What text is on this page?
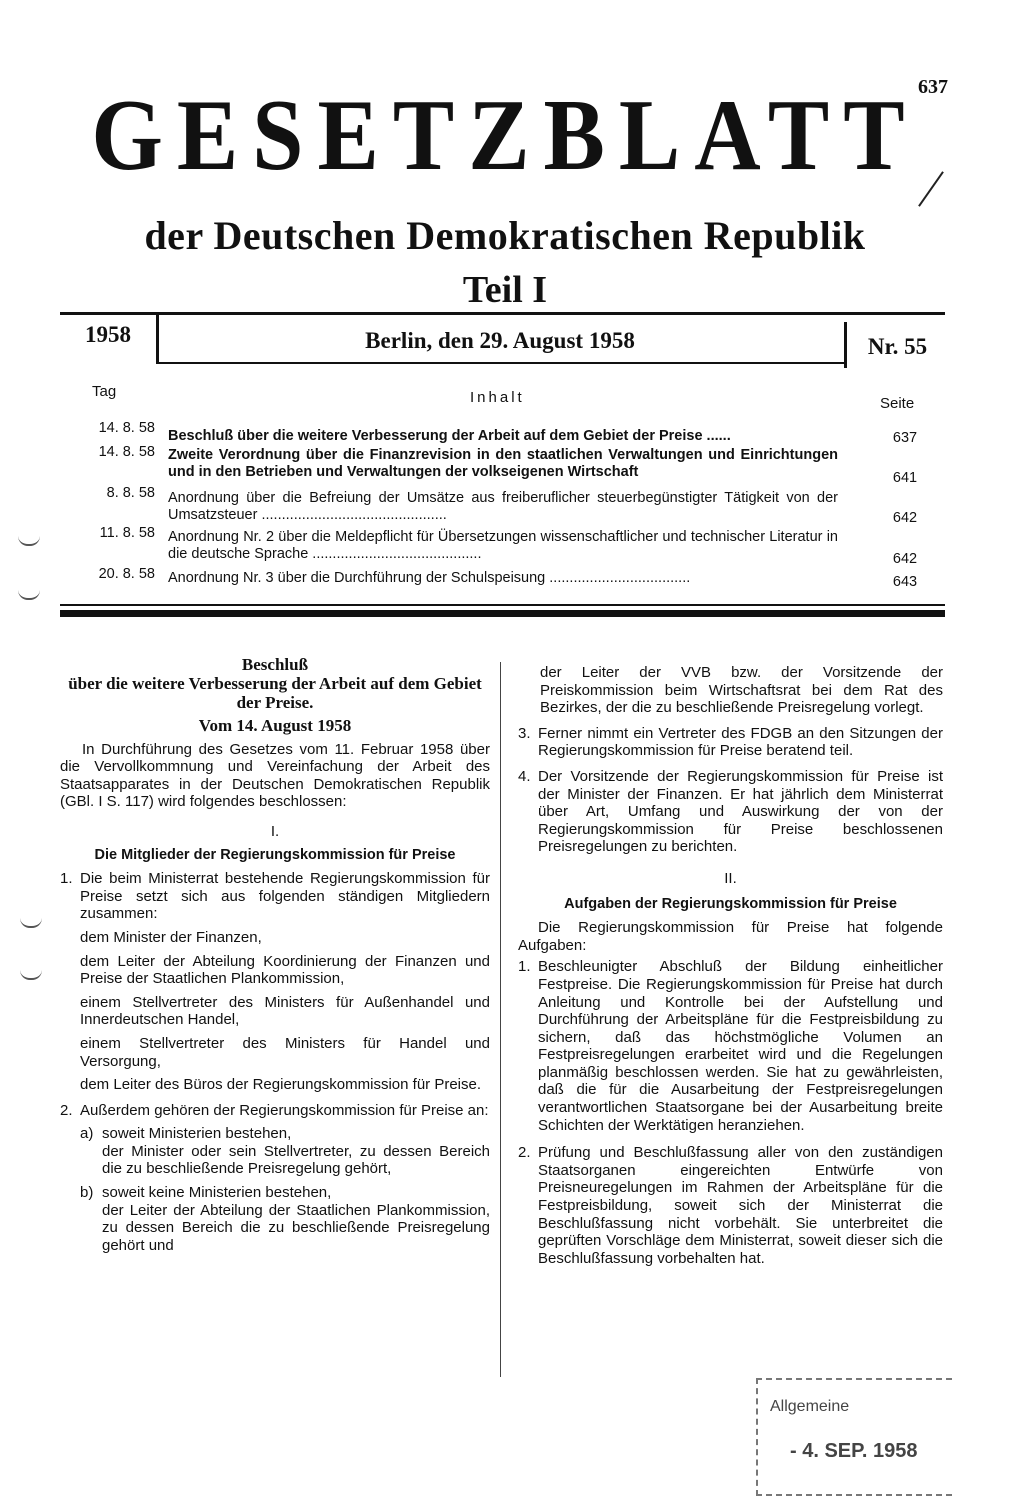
637
GESETZBLATT
der Deutschen Demokratischen Republik
Teil I
1958	Berlin, den 29. August 1958	Nr. 55
Tag	Inhalt	Seite
14. 8. 58 Beschluß über die weitere Verbesserung der Arbeit auf dem Gebiet der Preise ......	637
14. 8. 58 Zweite Verordnung über die Finanzrevision in den staatlichen Verwaltungen und Einrichtungen und in den Betrieben und Verwaltungen der volkseigenen Wirtschaft	641
8. 8. 58 Anordnung über die Befreiung der Umsätze aus freiberuflicher steuerbegünstigter Tätigkeit von der Umsatzsteuer ..............................................	642
11. 8. 58 Anordnung Nr. 2 über die Meldepflicht für Übersetzungen wissenschaftlicher und technischer Literatur in die deutsche Sprache ..........................................	642
20. 8. 58 Anordnung Nr. 3 über die Durchführung der Schulspeisung ...................................	643
Beschluß
über die weitere Verbesserung der Arbeit auf dem Gebiet der Preise.
Vom 14. August 1958
In Durchführung des Gesetzes vom 11. Februar 1958 über die Vervollkommnung und Vereinfachung der Arbeit des Staatsapparates in der Deutschen Demokratischen Republik (GBl. I S. 117) wird folgendes beschlossen:
I.
Die Mitglieder der Regierungskommission für Preise
1. Die beim Ministerrat bestehende Regierungskommission für Preise setzt sich aus folgenden ständigen Mitgliedern zusammen:
dem Minister der Finanzen,
dem Leiter der Abteilung Koordinierung der Finanzen und Preise der Staatlichen Plankommission,
einem Stellvertreter des Ministers für Außenhandel und Innerdeutschen Handel,
einem Stellvertreter des Ministers für Handel und Versorgung,
dem Leiter des Büros der Regierungskommission für Preise.
2. Außerdem gehören der Regierungskommission für Preise an:
a) soweit Ministerien bestehen,
der Minister oder sein Stellvertreter, zu dessen Bereich die zu beschließende Preisregelung gehört,
b) soweit keine Ministerien bestehen,
der Leiter der Abteilung der Staatlichen Plankommission, zu dessen Bereich die zu beschließende Preisregelung gehört und
der Leiter der VVB bzw. der Vorsitzende der Preiskommission beim Wirtschaftsrat bei dem Rat des Bezirkes, der die zu beschließende Preisregelung vorlegt.
3. Ferner nimmt ein Vertreter des FDGB an den Sitzungen der Regierungskommission für Preise beratend teil.
4. Der Vorsitzende der Regierungskommission für Preise ist der Minister der Finanzen. Er hat jährlich dem Ministerrat über Art, Umfang und Auswirkung der von der Regierungskommission für Preise beschlossenen Preisregelungen zu berichten.
II.
Aufgaben der Regierungskommission für Preise
Die Regierungskommission für Preise hat folgende Aufgaben:
1. Beschleunigter Abschluß der Bildung einheitlicher Festpreise. Die Regierungskommission für Preise hat durch Anleitung und Kontrolle bei der Aufstellung und Durchführung der Arbeitspläne für die Festpreisbildung zu sichern, daß das höchstmögliche Volumen an Festpreisregelungen erarbeitet wird und die Regelungen planmäßig beschlossen werden. Sie hat zu gewährleisten, daß die für die Ausarbeitung der Festpreisregelungen verantwortlichen Staatsorgane bei der Ausarbeitung breite Schichten der Werktätigen heranziehen.
2. Prüfung und Beschlußfassung aller von den zuständigen Staatsorganen eingereichten Entwürfe von Preisneuregelungen im Rahmen der Arbeitspläne für die Festpreisbildung, soweit sich der Ministerrat die Beschlußfassung nicht vorbehält. Sie unterbreitet die geprüften Vorschläge dem Ministerrat, soweit dieser sich die Beschlußfassung vorbehalten hat.
Allgemeine
- 4. SEP. 1958
